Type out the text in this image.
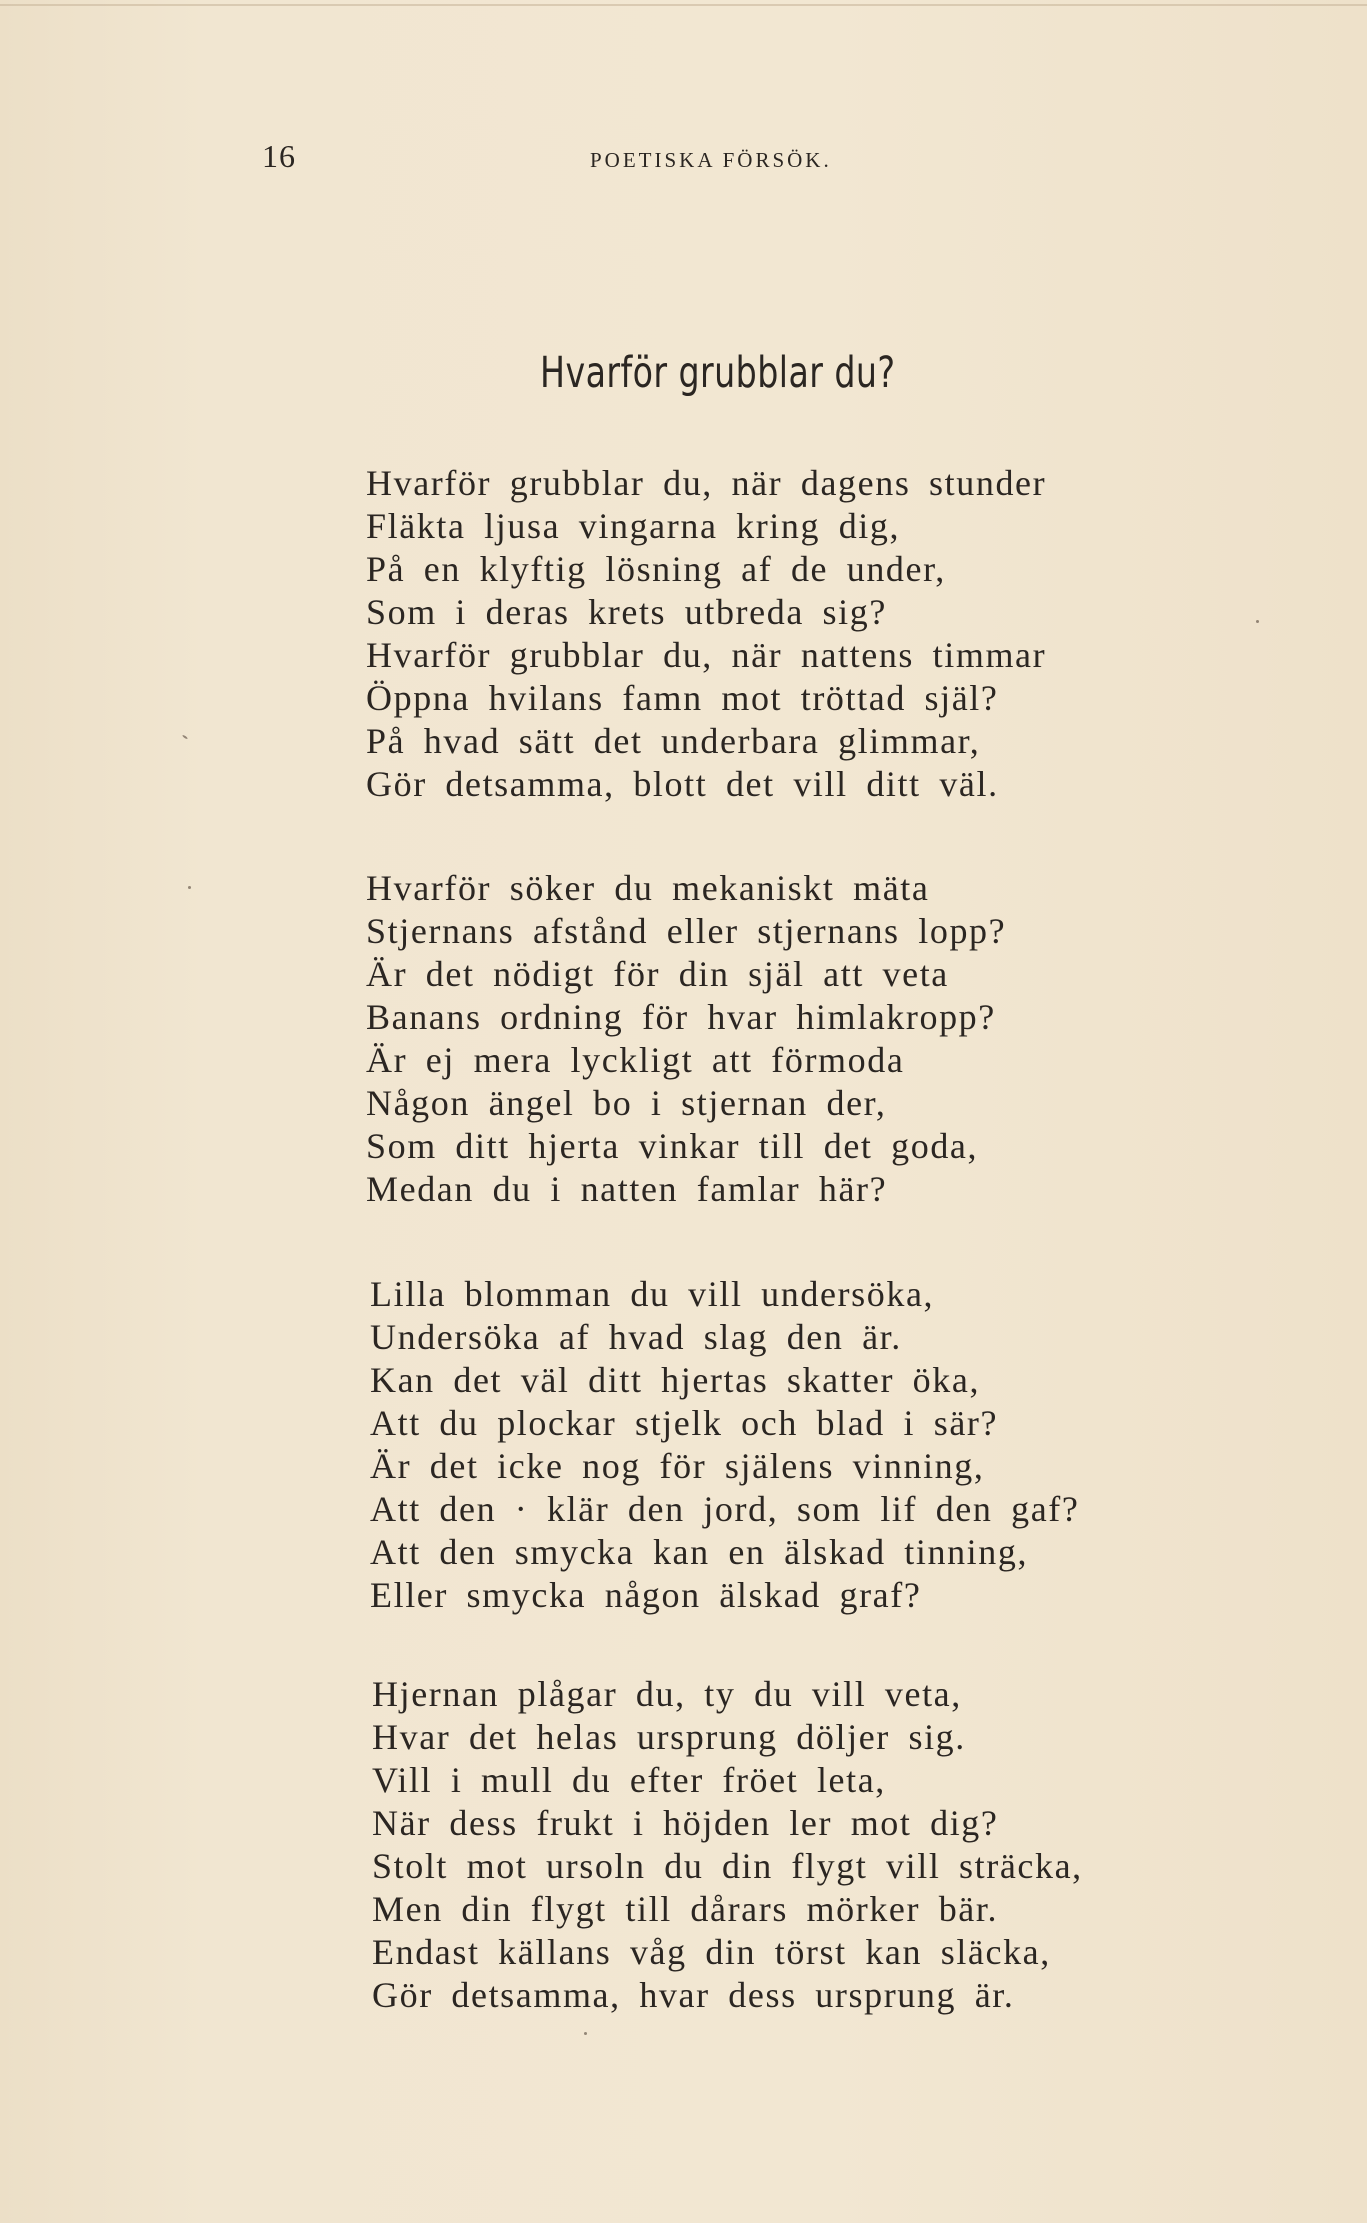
16	POETISKA FÖRSÖK.
Hvarför grubblar du?
Hvarför grubblar du, när dagens stunder
Fläkta ljusa vingarna kring dig,
På en klyftig lösning af de under,
Som i deras krets utbreda sig?
Hvarför grubblar du, när nattens timmar
Öppna hvilans famn mot tröttad själ?
På hvad sätt det underbara glimmar,
Gör detsamma, blott det vill ditt väl.
Hvarför söker du mekaniskt mäta
Stjernans afstånd eller stjernans lopp?
Är det nödigt för din själ att veta
Banans ordning för hvar himlakropp?
Är ej mera lyckligt att förmoda
Någon ängel bo i stjernan der,
Som ditt hjerta vinkar till det goda,
Medan du i natten famlar här?
Lilla blomman du vill undersöka,
Undersöka af hvad slag den är.
Kan det väl ditt hjertas skatter öka,
Att du plockar stjelk och blad i sär?
Är det icke nog för själens vinning,
Att den · klär den jord, som lif den gaf?
Att den smycka kan en älskad tinning,
Eller smycka någon älskad graf?
Hjernan plågar du, ty du vill veta,
Hvar det helas ursprung döljer sig.
Vill i mull du efter fröet leta,
När dess frukt i höjden ler mot dig?
Stolt mot ursoln du din flygt vill sträcka,
Men din flygt till dårars mörker bär.
Endast källans våg din törst kan släcka,
Gör detsamma, hvar dess ursprung är.
